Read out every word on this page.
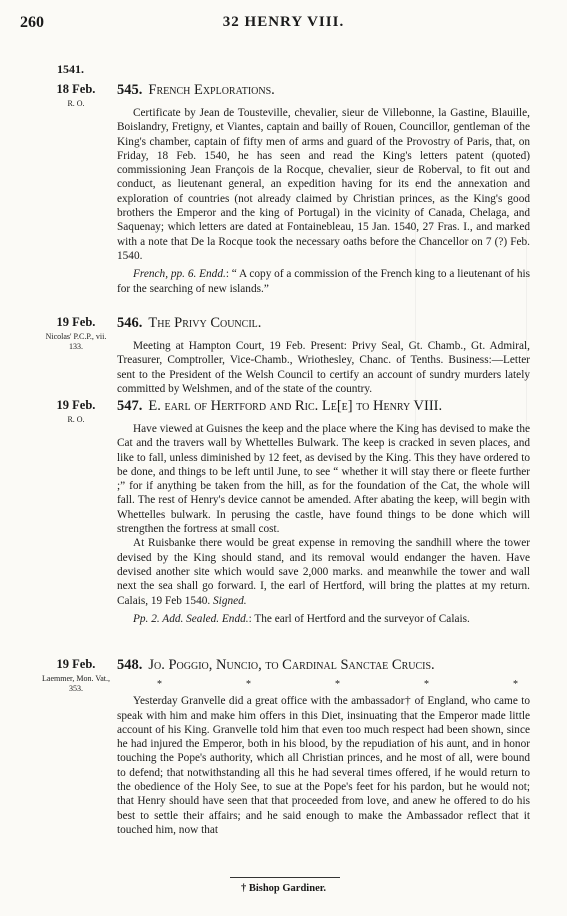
260	32 HENRY VIII.
1541.
18 Feb.
R. O.
545. French Explorations.

Certificate by Jean de Tousteville, chevalier, sieur de Villebonne, la Gastine, Blauille, Boislandry, Fretigny, et Viantes, captain and bailly of Rouen, Councillor, gentleman of the King's chamber, captain of fifty men of arms and guard of the Provostry of Paris, that, on Friday, 18 Feb. 1540, he has seen and read the King's letters patent (quoted) commissioning Jean François de la Rocque, chevalier, sieur de Roberval, to fit out and conduct, as lieutenant general, an expedition having for its end the annexation and exploration of countries (not already claimed by Christian princes, as the King's good brothers the Emperor and the king of Portugal) in the vicinity of Canada, Chelaga, and Saquenay; which letters are dated at Fontainebleau, 15 Jan. 1540, 27 Fras. I., and marked with a note that De la Rocque took the necessary oaths before the Chancellor on 7 (?) Feb. 1540.

French, pp. 6. Endd.: “ A copy of a commission of the French king to a lieutenant of his for the searching of new islands.”

19 Feb.
Nicolas' P.C.P., vii. 133.
546. The Privy Council.

Meeting at Hampton Court, 19 Feb. Present: Privy Seal, Gt. Chamb., Gt. Admiral, Treasurer, Comptroller, Vice-Chamb., Wriothesley, Chanc. of Tenths. Business:—Letter sent to the President of the Welsh Council to certify an account of sundry murders lately committed by Welshmen, and of the state of the country.

19 Feb.
R. O.
547. E. earl of Hertford and Ric. Le[e] to Henry VIII.

Have viewed at Guisnes the keep and the place where the King has devised to make the Cat and the travers wall by Whettelles Bulwark. The keep is cracked in seven places, and like to fall, unless diminished by 12 feet, as devised by the King. This they have ordered to be done, and things to be left until June, to see “ whether it will stay there or fleete further ;” for if anything be taken from the hill, as for the foundation of the Cat, the whole will fall. The rest of Henry's device cannot be amended. After abating the keep, will begin with Whettelles bulwark. In perusing the castle, have found things to be done which will strengthen the fortress at small cost.

At Ruisbanke there would be great expense in removing the sandhill where the tower devised by the King should stand, and its removal would endanger the haven. Have devised another site which would save 2,000 marks. and meanwhile the tower and wall next the sea shall go forward. I, the earl of Hertford, will bring the plattes at my return. Calais, 19 Feb 1540. Signed.

Pp. 2. Add. Sealed. Endd.: The earl of Hertford and the surveyor of Calais.

19 Feb.
Laemmer, Mon. Vat., 353.
548. Jo. Poggio, Nuncio, to Cardinal Sanctae Crucis.
*	*	*	*	*

Yesterday Granvelle did a great office with the ambassador† of England, who came to speak with him and make him offers in this Diet, insinuating that the Emperor made little account of his King. Granvelle told him that even too much respect had been shown, since he had injured the Emperor, both in his blood, by the repudiation of his aunt, and in honor touching the Pope's authority, which all Christian princes, and he most of all, were bound to defend; that notwithstanding all this he had several times offered, if he would return to the obedience of the Holy See, to sue at the Pope's feet for his pardon, but he would not; that Henry should have seen that that proceeded from love, and anew he offered to do his best to settle their affairs; and he said enough to make the Ambassador reflect that it touched him, now that

† Bishop Gardiner.
